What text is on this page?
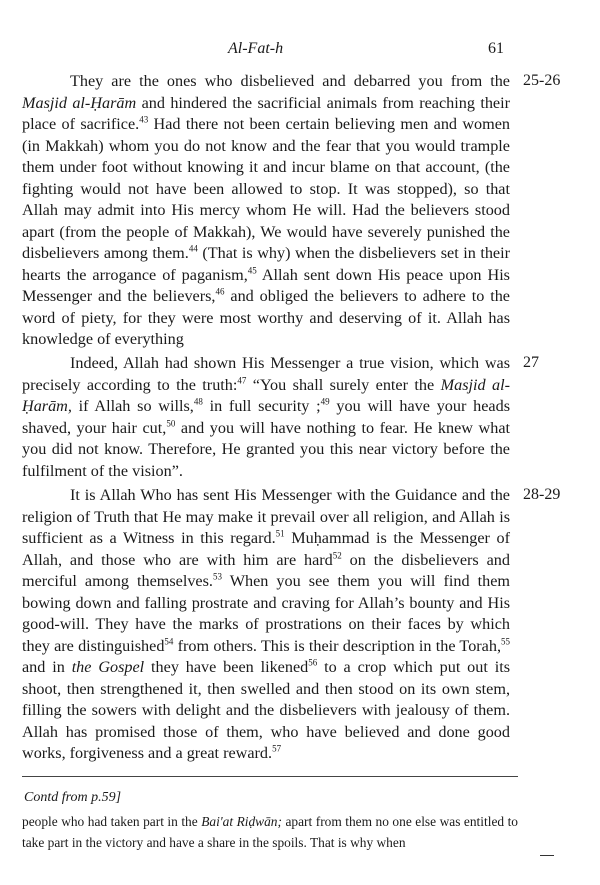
Al-Fat-h	61

They are the ones who disbelieved and debarred you from the Masjid al-Ḥarām and hindered the sacrificial animals from reaching their place of sacrifice.$^{43}$ Had there not been certain believing men and women (in Makkah) whom you do not know and the fear that you would trample them under foot without knowing it and incur blame on that account, (the fighting would not have been allowed to stop. It was stopped), so that Allah may admit into His mercy whom He will. Had the believers stood apart (from the people of Makkah), We would have severely punished the disbelievers among them.$^{44}$ (That is why) when the disbelievers set in their hearts the arrogance of paganism,$^{45}$ Allah sent down His peace upon His Messenger and the believers,$^{46}$ and obliged the believers to adhere to the word of piety, for they were most worthy and deserving of it. Allah has knowledge of everything

25-26

Indeed, Allah had shown His Messenger a true vision, which was precisely according to the truth:$^{47}$ “You shall surely enter the Masjid al-Ḥarām, if Allah so wills,$^{48}$ in full security ;$^{49}$ you will have your heads shaved, your hair cut,$^{50}$ and you will have nothing to fear. He knew what you did not know. Therefore, He granted you this near victory before the fulfilment of the vision”.

27

It is Allah Who has sent His Messenger with the Guidance and the religion of Truth that He may make it prevail over all religion, and Allah is sufficient as a Witness in this regard.$^{51}$ Muḥammad is the Messenger of Allah, and those who are with him are hard$^{52}$ on the disbelievers and merciful among themselves.$^{53}$ When you see them you will find them bowing down and falling prostrate and craving for Allah’s bounty and His good-will. They have the marks of prostrations on their faces by which they are distinguished$^{54}$ from others. This is their description in the Torah,$^{55}$ and in the Gospel they have been likened$^{56}$ to a crop which put out its shoot, then strengthened it, then swelled and then stood on its own stem, filling the sowers with delight and the disbelievers with jealousy of them. Allah has promised those of them, who have believed and done good works, forgiveness and a great reward.$^{57}$

28-29
Contd from p.59]

people who had taken part in the Bai'at Riḍwān; apart from them no one else was entitled to take part in the victory and have a share in the spoils. That is why when
